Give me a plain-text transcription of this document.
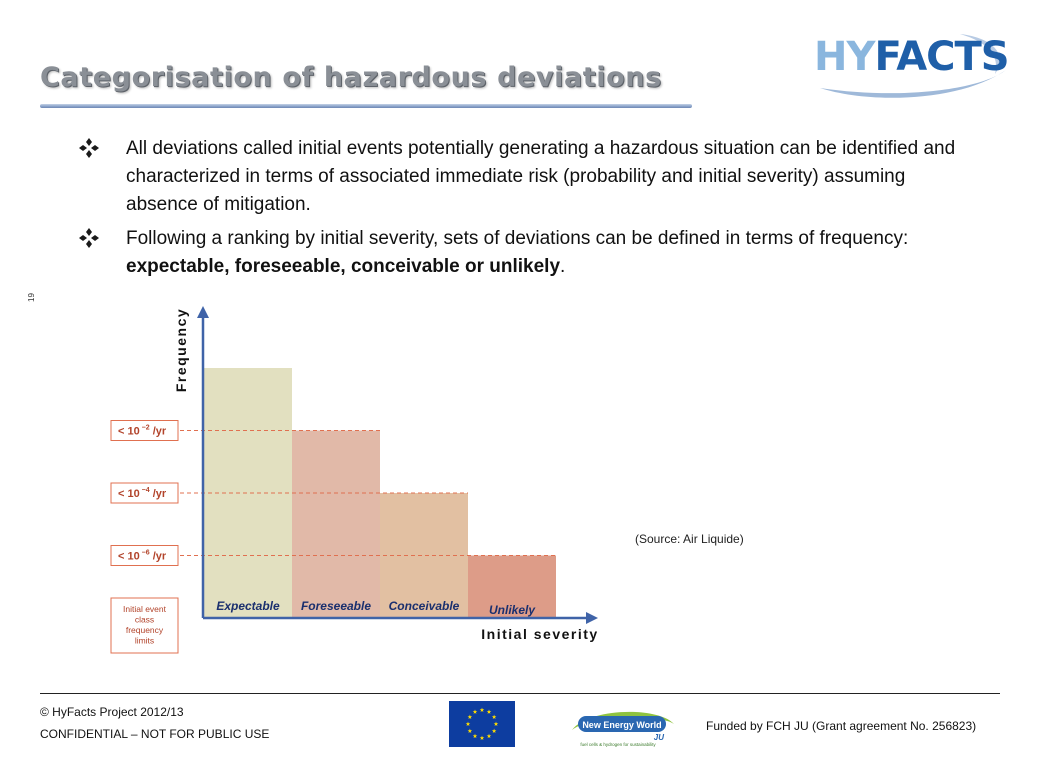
Categorisation of hazardous deviations	HYFACTS
19
All deviations called initial events potentially generating a hazardous situation can be identified and characterized in terms of associated immediate risk (probability and initial severity) assuming absence of mitigation.
Following a ranking by initial severity, sets of deviations can be defined in terms of frequency: expectable, foreseeable, conceivable or unlikely.
< 10 $^{-2}$ /yr
< 10 $^{-4}$ /yr
< 10 $^{-6}$ /yr
Expectable Foreseeable Conceivable Unlikely
Frequency
Initial severity
Initial event class frequency limits
(Source: Air Liquide)
© HyFacts Project 2012/13
CONFIDENTIAL – NOT FOR PUBLIC USE
New Energy World
JU
fuel cells & hydrogen for sustainability
Funded by FCH JU (Grant agreement No. 256823)
